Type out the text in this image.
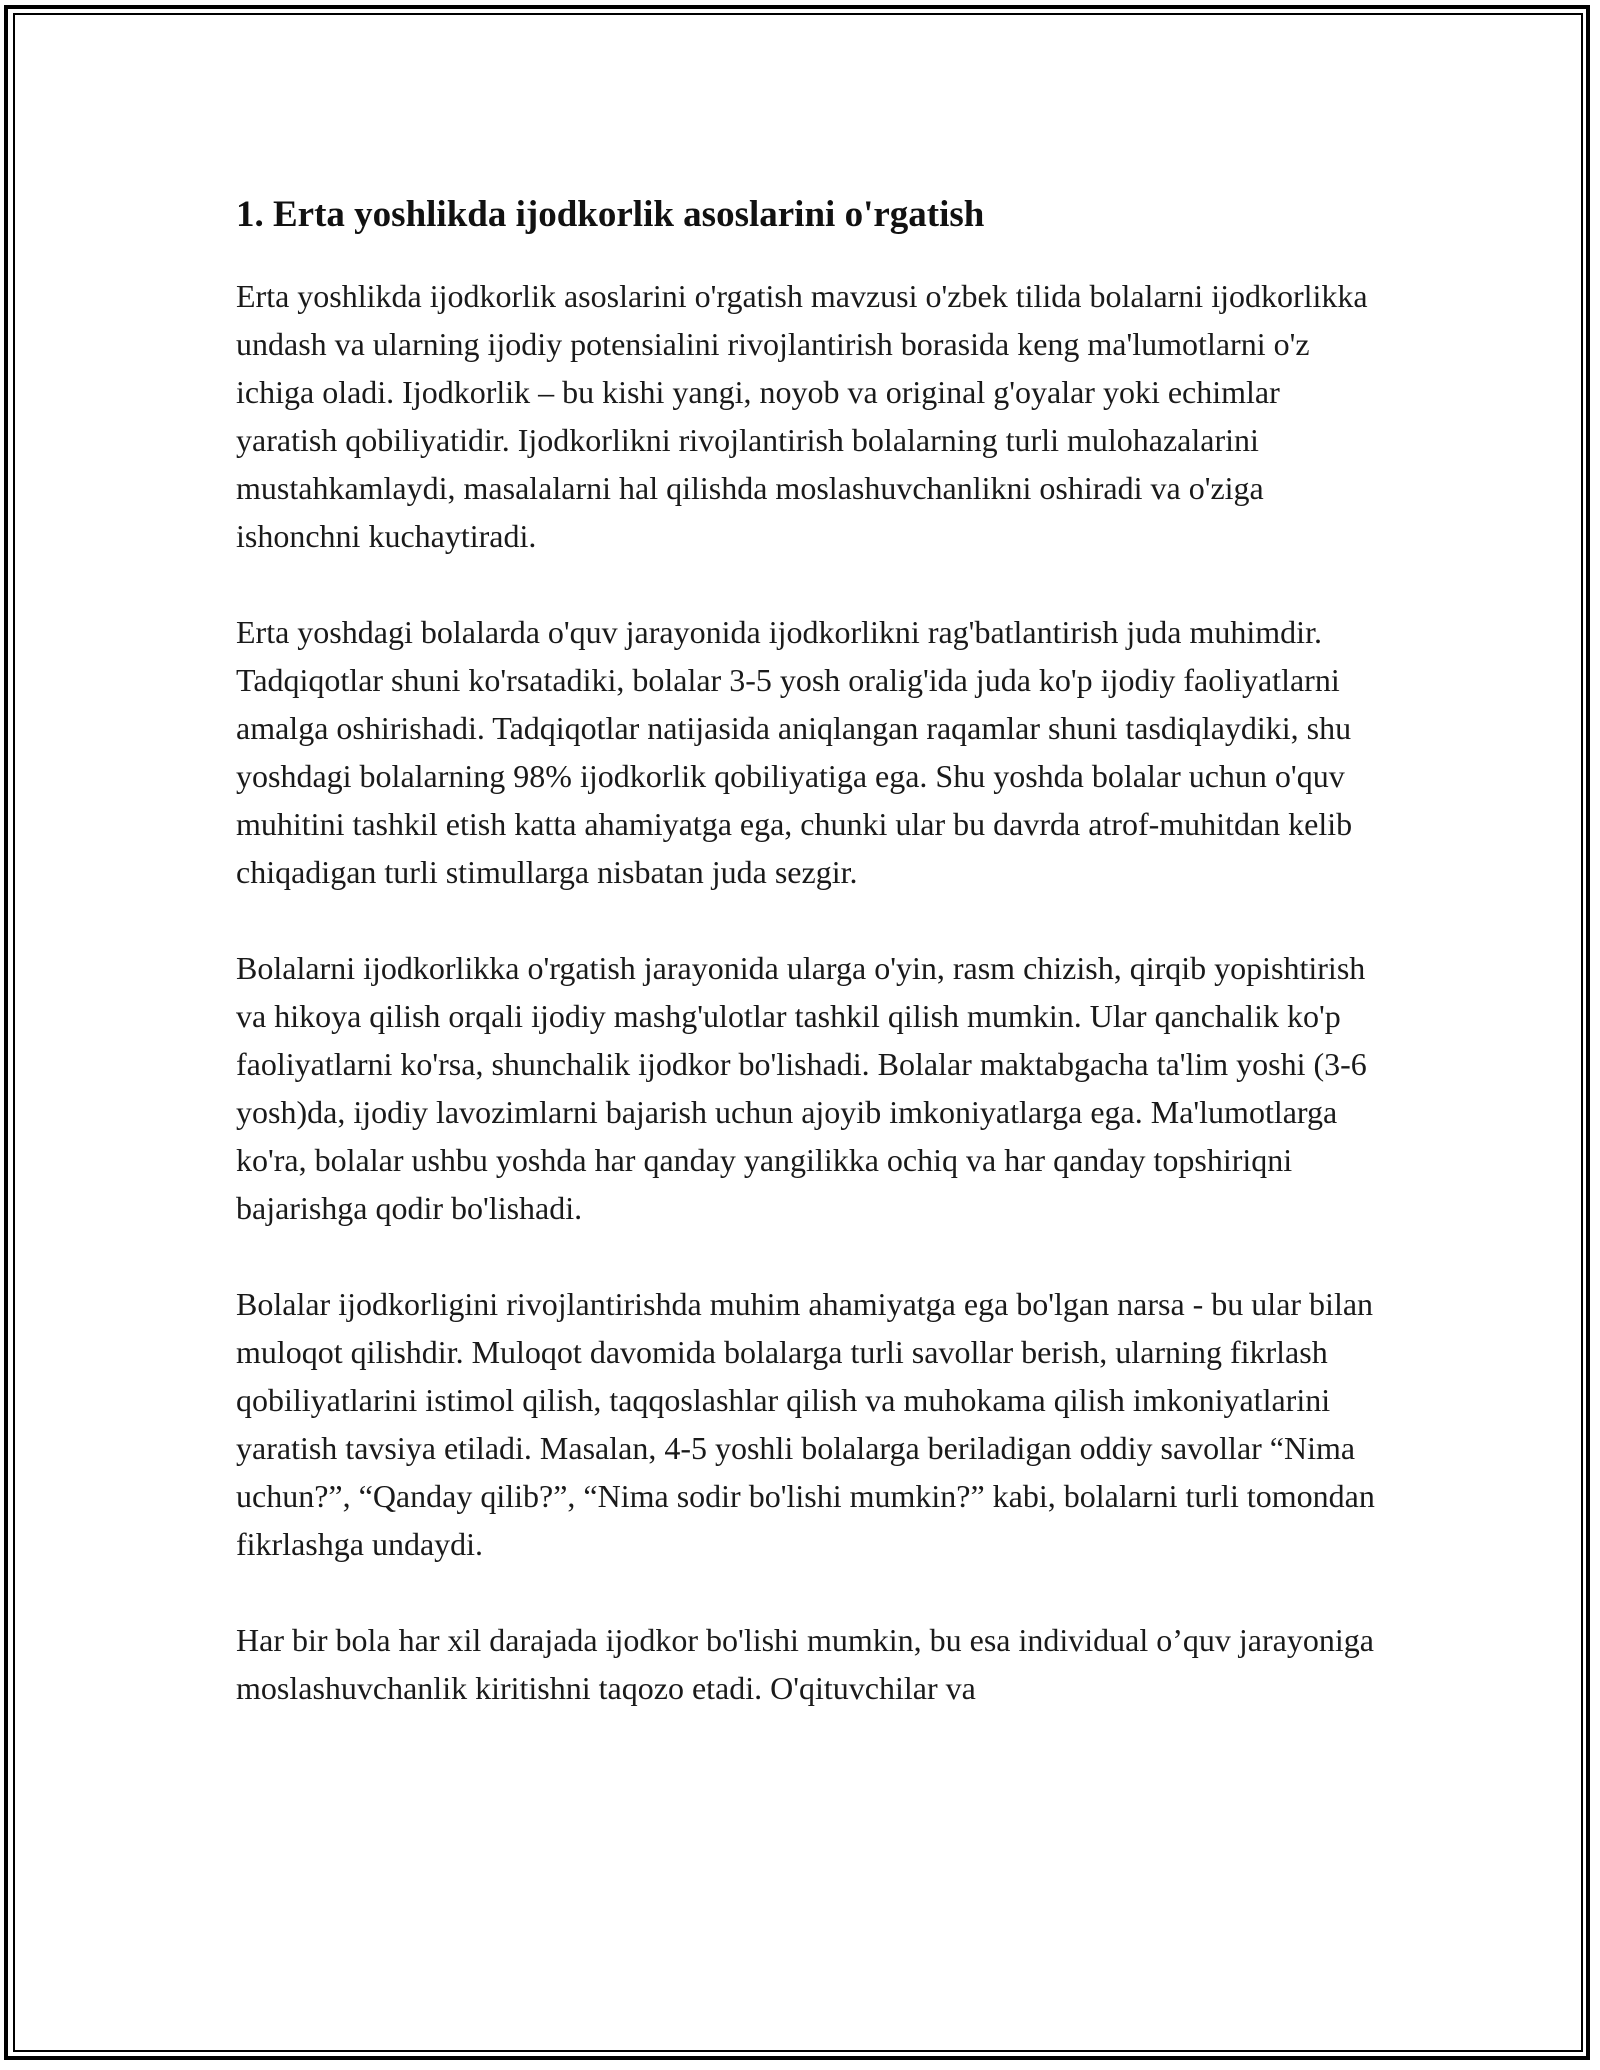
1. Erta yoshlikda ijodkorlik asoslarini o'rgatish

Erta yoshlikda ijodkorlik asoslarini o'rgatish mavzusi o'zbek tilida bolalarni ijodkorlikka undash va ularning ijodiy potensialini rivojlantirish borasida keng ma'lumotlarni o'z ichiga oladi. Ijodkorlik – bu kishi yangi, noyob va original g'oyalar yoki echimlar yaratish qobiliyatidir. Ijodkorlikni rivojlantirish bolalarning turli mulohazalarini mustahkamlaydi, masalalarni hal qilishda moslashuvchanlikni oshiradi va o'ziga ishonchni kuchaytiradi.

Erta yoshdagi bolalarda o'quv jarayonida ijodkorlikni rag'batlantirish juda muhimdir. Tadqiqotlar shuni ko'rsatadiki, bolalar 3-5 yosh oralig'ida juda ko'p ijodiy faoliyatlarni amalga oshirishadi. Tadqiqotlar natijasida aniqlangan raqamlar shuni tasdiqlaydiki, shu yoshdagi bolalarning 98% ijodkorlik qobiliyatiga ega. Shu yoshda bolalar uchun o'quv muhitini tashkil etish katta ahamiyatga ega, chunki ular bu davrda atrof-muhitdan kelib chiqadigan turli stimullarga nisbatan juda sezgir.

Bolalarni ijodkorlikka o'rgatish jarayonida ularga o'yin, rasm chizish, qirqib yopishtirish va hikoya qilish orqali ijodiy mashg'ulotlar tashkil qilish mumkin. Ular qanchalik ko'p faoliyatlarni ko'rsa, shunchalik ijodkor bo'lishadi. Bolalar maktabgacha ta'lim yoshi (3-6 yosh)da, ijodiy lavozimlarni bajarish uchun ajoyib imkoniyatlarga ega. Ma'lumotlarga ko'ra, bolalar ushbu yoshda har qanday yangilikka ochiq va har qanday topshiriqni bajarishga qodir bo'lishadi.

Bolalar ijodkorligini rivojlantirishda muhim ahamiyatga ega bo'lgan narsa - bu ular bilan muloqot qilishdir. Muloqot davomida bolalarga turli savollar berish, ularning fikrlash qobiliyatlarini istimol qilish, taqqoslashlar qilish va muhokama qilish imkoniyatlarini yaratish tavsiya etiladi. Masalan, 4-5 yoshli bolalarga beriladigan oddiy savollar “Nima uchun?”, “Qanday qilib?”, “Nima sodir bo'lishi mumkin?” kabi, bolalarni turli tomondan fikrlashga undaydi.

Har bir bola har xil darajada ijodkor bo'lishi mumkin, bu esa individual o’quv jarayoniga moslashuvchanlik kiritishni taqozo etadi. O'qituvchilar va
